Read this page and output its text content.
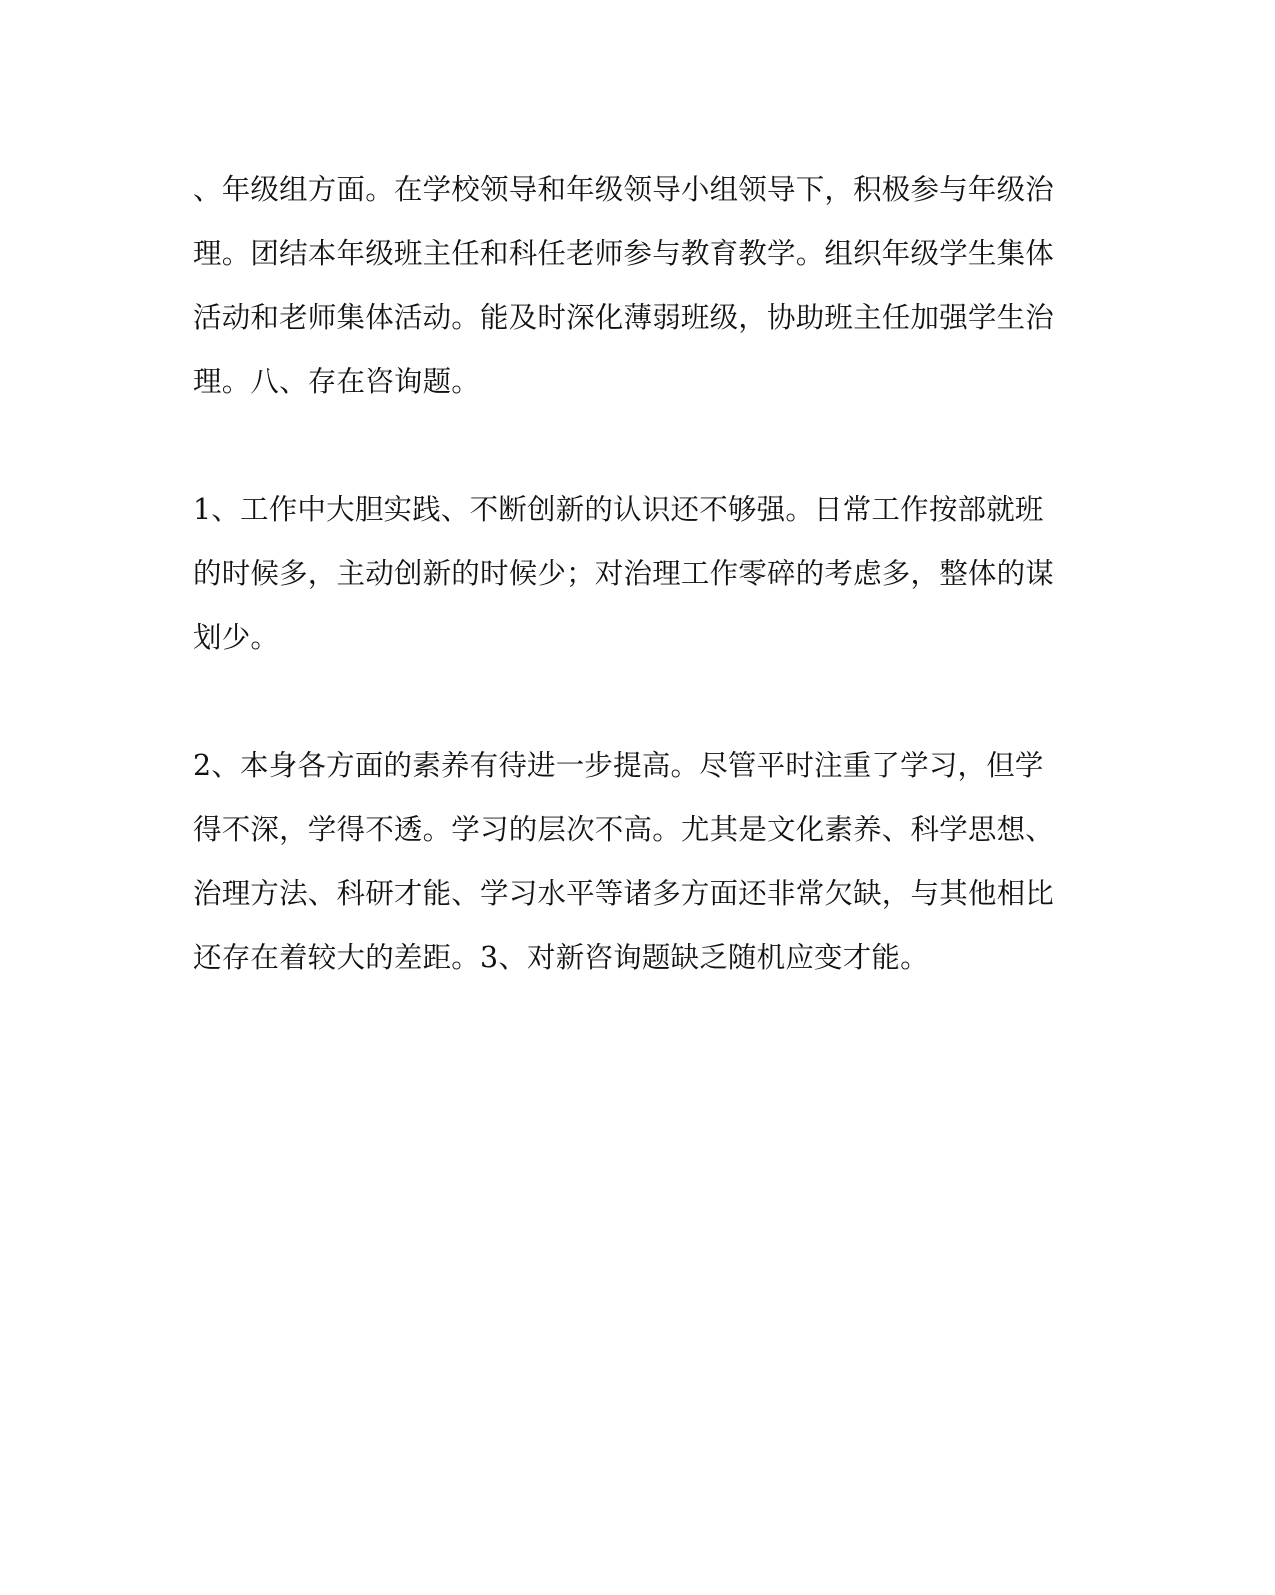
、年级组方面。在学校领导和年级领导小组领导下，积极参与年级治
理。团结本年级班主任和科任老师参与教育教学。组织年级学生集体
活动和老师集体活动。能及时深化薄弱班级，协助班主任加强学生治
理。八、存在咨询题。

1、工作中大胆实践、不断创新的认识还不够强。日常工作按部就班
的时候多，主动创新的时候少；对治理工作零碎的考虑多，整体的谋
划少。

2、本身各方面的素养有待进一步提高。尽管平时注重了学习，但学
得不深，学得不透。学习的层次不高。尤其是文化素养、科学思想、
治理方法、科研才能、学习水平等诸多方面还非常欠缺，与其他相比
还存在着较大的差距。3、对新咨询题缺乏随机应变才能。
